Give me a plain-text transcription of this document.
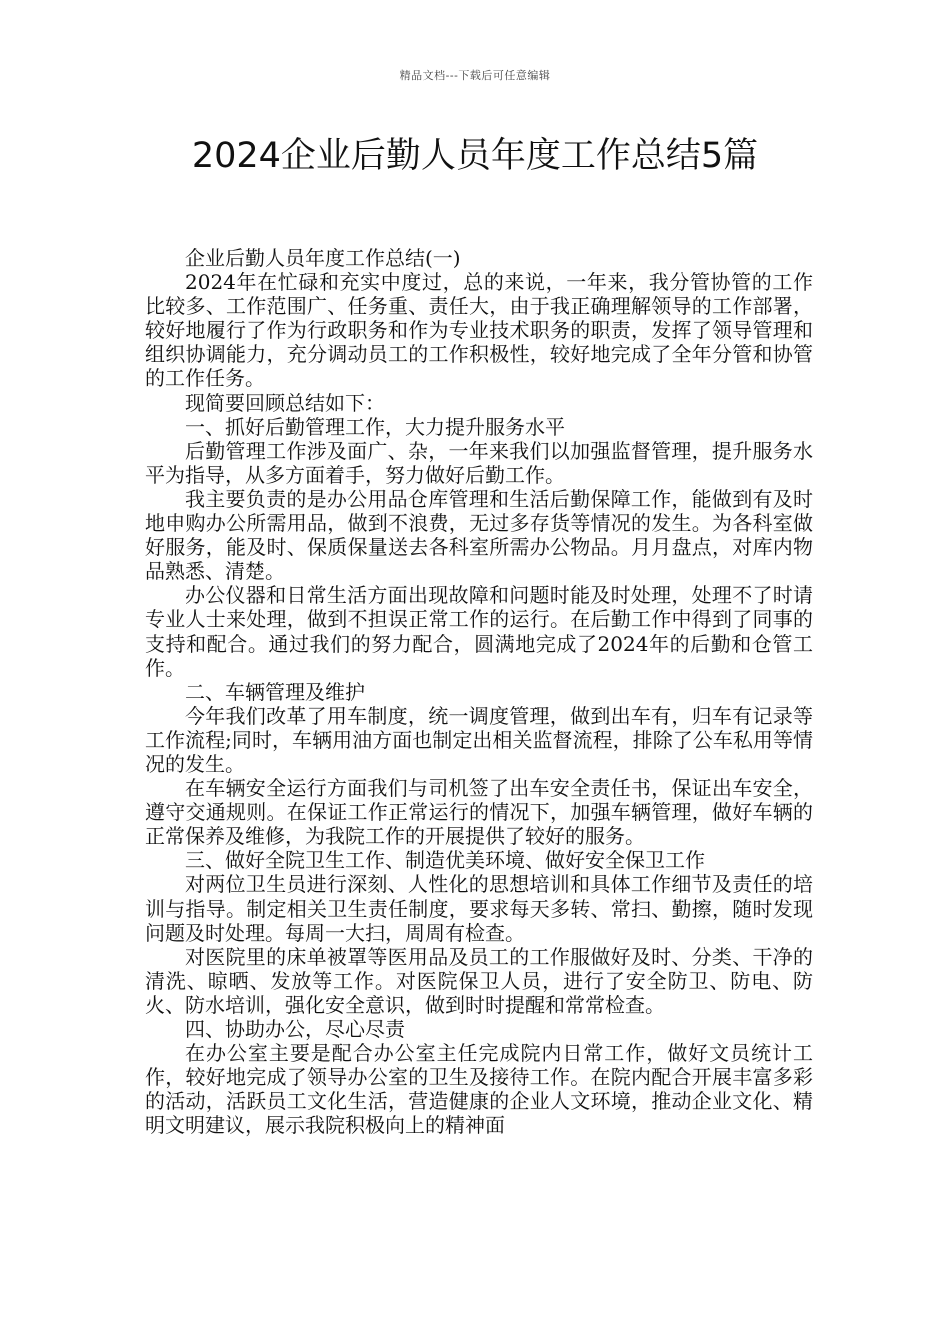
精品文档---下载后可任意编辑
2024企业后勤人员年度工作总结5篇

企业后勤人员年度工作总结(一)

2024年在忙碌和充实中度过，总的来说，一年来，我分管协管的工作比较多、工作范围广、任务重、责任大，由于我正确理解领导的工作部署，较好地履行了作为行政职务和作为专业技术职务的职责，发挥了领导管理和组织协调能力，充分调动员工的工作积极性，较好地完成了全年分管和协管的工作任务。

现简要回顾总结如下：

一、抓好后勤管理工作，大力提升服务水平

后勤管理工作涉及面广、杂，一年来我们以加强监督管理，提升服务水平为指导，从多方面着手，努力做好后勤工作。

我主要负责的是办公用品仓库管理和生活后勤保障工作，能做到有及时地申购办公所需用品，做到不浪费，无过多存货等情况的发生。为各科室做好服务，能及时、保质保量送去各科室所需办公物品。月月盘点，对库内物品熟悉、清楚。

办公仪器和日常生活方面出现故障和问题时能及时处理，处理不了时请专业人士来处理，做到不担误正常工作的运行。在后勤工作中得到了同事的支持和配合。通过我们的努力配合，圆满地完成了2024年的后勤和仓管工作。

二、车辆管理及维护

今年我们改革了用车制度，统一调度管理，做到出车有，归车有记录等工作流程;同时，车辆用油方面也制定出相关监督流程，排除了公车私用等情况的发生。

在车辆安全运行方面我们与司机签了出车安全责任书，保证出车安全，遵守交通规则。在保证工作正常运行的情况下，加强车辆管理，做好车辆的正常保养及维修，为我院工作的开展提供了较好的服务。

三、做好全院卫生工作、制造优美环境、做好安全保卫工作

对两位卫生员进行深刻、人性化的思想培训和具体工作细节及责任的培训与指导。制定相关卫生责任制度，要求每天多转、常扫、勤擦，随时发现问题及时处理。每周一大扫，周周有检查。

对医院里的床单被罩等医用品及员工的工作服做好及时、分类、干净的清洗、晾晒、发放等工作。对医院保卫人员，进行了安全防卫、防电、防火、防水培训，强化安全意识，做到时时提醒和常常检查。

四、协助办公，尽心尽责

在办公室主要是配合办公室主任完成院内日常工作，做好文员统计工作，较好地完成了领导办公室的卫生及接待工作。在院内配合开展丰富多彩的活动，活跃员工文化生活，营造健康的企业人文环境，推动企业文化、精明文明建议，展示我院积极向上的精神面
